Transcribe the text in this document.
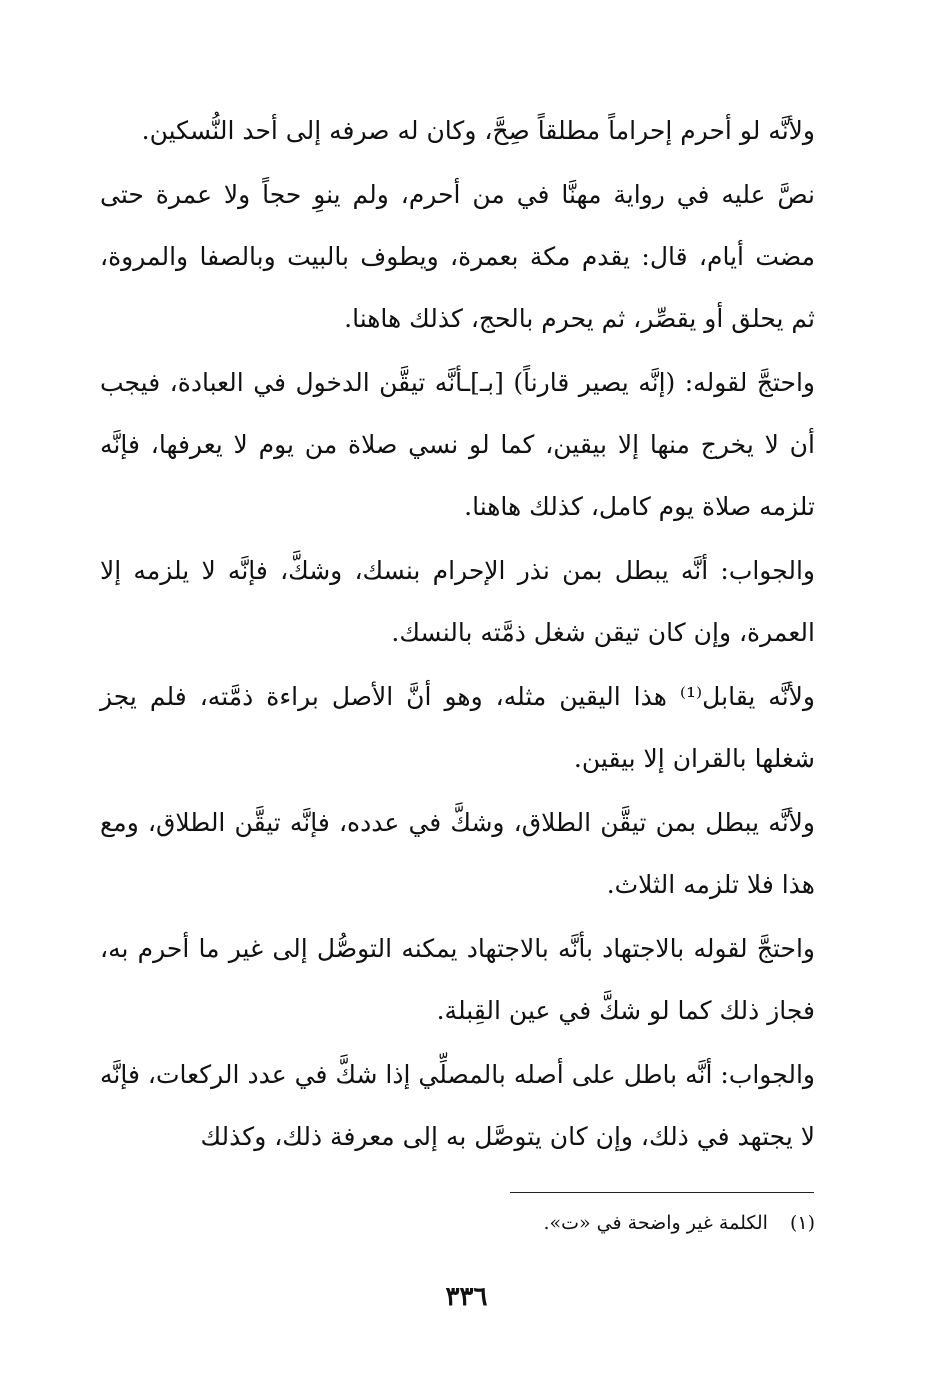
ولأنَّه لو أحرم إحراماً مطلقاً صِحَّ، وكان له صرفه إلى أحد النُّسكين.

نصَّ عليه في رواية مهنَّا في من أحرم، ولم ينوِ حجاً ولا عمرة حتى مضت أيام، قال: يقدم مكة بعمرة، ويطوف بالبيت وبالصفا والمروة، ثم يحلق أو يقصِّر، ثم يحرم بالحج، كذلك هاهنا.

واحتجَّ لقوله: (إنَّه يصير قارناً) [بـ]ـأنَّه تيقَّن الدخول في العبادة، فيجب أن لا يخرج منها إلا بيقين، كما لو نسي صلاة من يوم لا يعرفها، فإنَّه تلزمه صلاة يوم كامل، كذلك هاهنا.

والجواب: أنَّه يبطل بمن نذر الإحرام بنسك، وشكَّ، فإنَّه لا يلزمه إلا العمرة، وإن كان تيقن شغل ذمَّته بالنسك.

ولأنَّه يقابل⁽¹⁾ هذا اليقين مثله، وهو أنَّ الأصل براءة ذمَّته، فلم يجز شغلها بالقران إلا بيقين.

ولأنَّه يبطل بمن تيقَّن الطلاق، وشكَّ في عدده، فإنَّه تيقَّن الطلاق، ومع هذا فلا تلزمه الثلاث.

واحتجَّ لقوله بالاجتهاد بأنَّه بالاجتهاد يمكنه التوصُّل إلى غير ما أحرم به، فجاز ذلك كما لو شكَّ في عين القِبلة.

والجواب: أنَّه باطل على أصله بالمصلِّي إذا شكَّ في عدد الركعات، فإنَّه لا يجتهد في ذلك، وإن كان يتوصَّل به إلى معرفة ذلك، وكذلك

(١)الكلمة غير واضحة في «ت».
٣٣٦
